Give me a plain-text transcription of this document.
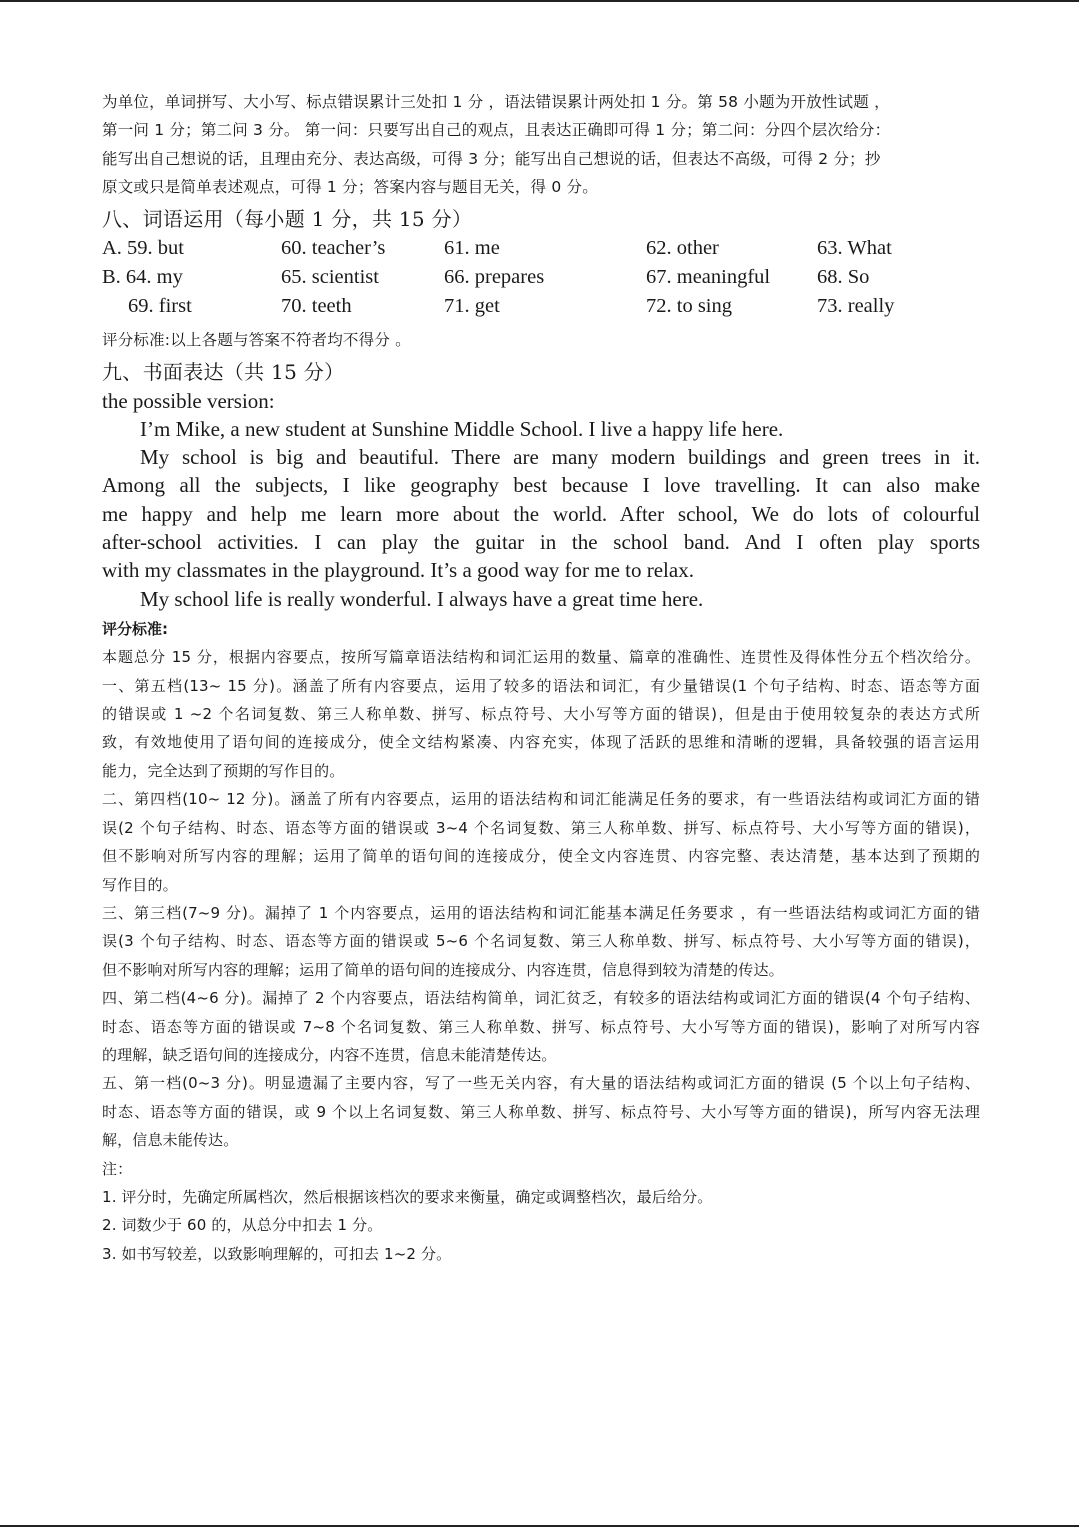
为单位，单词拼写、大小写、标点错误累计三处扣 1 分 ，语法错误累计两处扣 1 分。第 58 小题为开放性试题 ，
第一问 1 分；第二问 3 分。 第一问：只要写出自己的观点，且表达正确即可得 1 分；第二问：分四个层次给分：
能写出自己想说的话，且理由充分、表达高级，可得 3 分；能写出自己想说的话，但表达不高级，可得 2 分；抄
原文或只是简单表述观点，可得 1 分；答案内容与题目无关，得 0 分。
八、词语运用（每小题 1 分，共 15 分）
A. 59. but	60. teacher’s	61. me	62. other	63. What
B. 64. my	65. scientist	66. prepares	67. meaningful 68. So
69. first	70. teeth	71. get	72. to sing	73. really
评分标准:以上各题与答案不符者均不得分 。
九、书面表达（共 15 分）
the possible version:
I’m Mike, a new student at Sunshine Middle School. I live a happy life here.
My school is big and beautiful. There are many modern buildings and green trees in it.
Among all the subjects, I like geography best because I love travelling. It can also make
me happy and help me learn more about the world. After school, We do lots of colourful
after-school activities. I can play the guitar in the school band. And I often play sports
with my classmates in the playground. It’s a good way for me to relax.
My school life is really wonderful. I always have a great time here.
评分标准:
本题总分 15 分，根据内容要点，按所写篇章语法结构和词汇运用的数量、篇章的准确性、连贯性及得体性分五个档次给分。
一、第五档(13~ 15 分)。涵盖了所有内容要点，运用了较多的语法和词汇，有少量错误(1 个句子结构、时态、语态等方面
的错误或 1 ~2 个名词复数、第三人称单数、拼写、标点符号、大小写等方面的错误)，但是由于使用较复杂的表达方式所
致，有效地使用了语句间的连接成分，使全文结构紧凑、内容充实，体现了活跃的思维和清晰的逻辑，具备较强的语言运用
能力，完全达到了预期的写作目的。
二、第四档(10~ 12 分)。涵盖了所有内容要点，运用的语法结构和词汇能满足任务的要求，有一些语法结构或词汇方面的错
误(2 个句子结构、时态、语态等方面的错误或 3~4 个名词复数、第三人称单数、拼写、标点符号、大小写等方面的错误)，
但不影响对所写内容的理解；运用了简单的语句间的连接成分，使全文内容连贯、内容完整、表达清楚，基本达到了预期的
写作目的。
三、第三档(7~9 分)。漏掉了 1 个内容要点，运用的语法结构和词汇能基本满足任务要求 ，有一些语法结构或词汇方面的错
误(3 个句子结构、时态、语态等方面的错误或 5~6 个名词复数、第三人称单数、拼写、标点符号、大小写等方面的错误)，
但不影响对所写内容的理解；运用了简单的语句间的连接成分、内容连贯，信息得到较为清楚的传达。
四、第二档(4~6 分)。漏掉了 2 个内容要点，语法结构简单，词汇贫乏，有较多的语法结构或词汇方面的错误(4 个句子结构、
时态、语态等方面的错误或 7~8 个名词复数、第三人称单数、拼写、标点符号、大小写等方面的错误)，影响了对所写内容
的理解，缺乏语句间的连接成分，内容不连贯，信息未能清楚传达。
五、第一档(0~3 分)。明显遗漏了主要内容，写了一些无关内容，有大量的语法结构或词汇方面的错误 (5 个以上句子结构、
时态、语态等方面的错误，或 9 个以上名词复数、第三人称单数、拼写、标点符号、大小写等方面的错误)，所写内容无法理
解，信息未能传达。
注：
1. 评分时，先确定所属档次，然后根据该档次的要求来衡量，确定或调整档次，最后给分。
2. 词数少于 60 的，从总分中扣去 1 分。
3. 如书写较差，以致影响理解的，可扣去 1~2 分。
